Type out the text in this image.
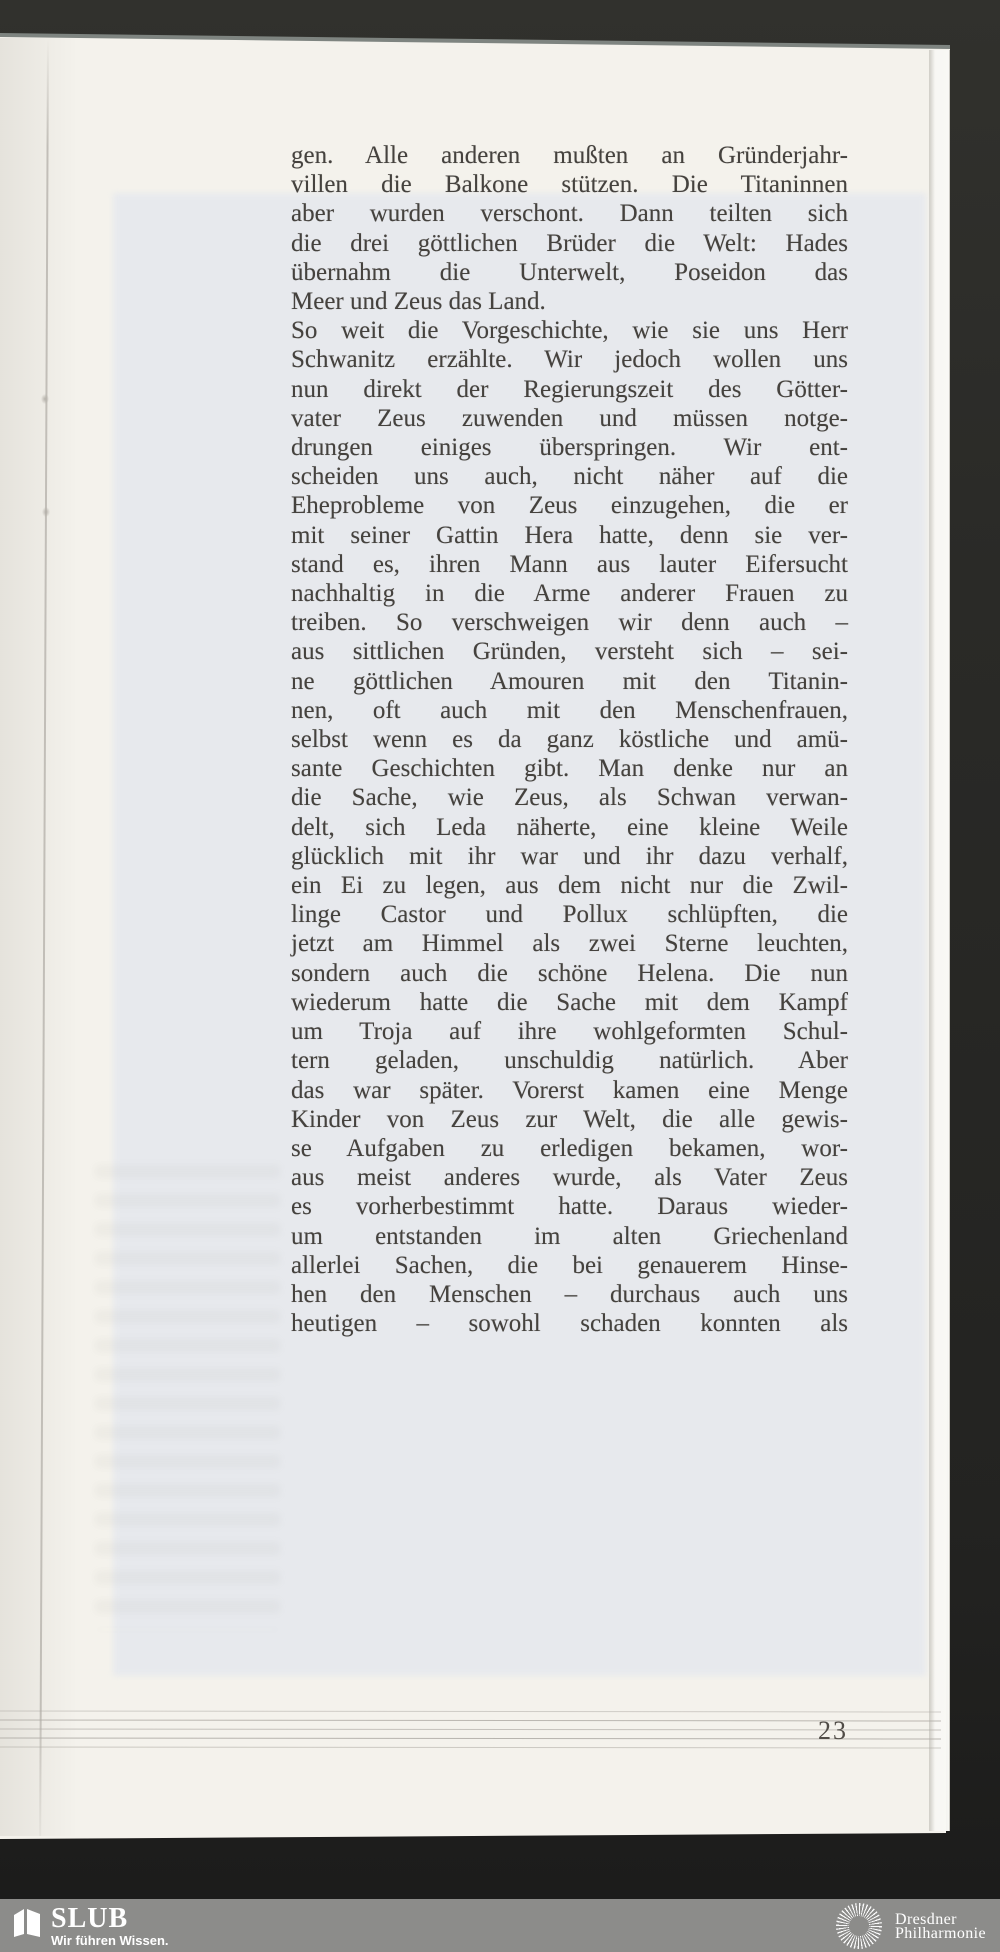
gen. Alle anderen mußten an Gründerjahr-
villen die Balkone stützen. Die Titaninnen
aber wurden verschont. Dann teilten sich
die drei göttlichen Brüder die Welt: Hades
übernahm die Unterwelt, Poseidon das
Meer und Zeus das Land.
So weit die Vorgeschichte, wie sie uns Herr
Schwanitz erzählte. Wir jedoch wollen uns
nun direkt der Regierungszeit des Götter-
vater Zeus zuwenden und müssen notge-
drungen einiges überspringen. Wir ent-
scheiden uns auch, nicht näher auf die
Eheprobleme von Zeus einzugehen, die er
mit seiner Gattin Hera hatte, denn sie ver-
stand es, ihren Mann aus lauter Eifersucht
nachhaltig in die Arme anderer Frauen zu
treiben. So verschweigen wir denn auch –
aus sittlichen Gründen, versteht sich – sei-
ne göttlichen Amouren mit den Titanin-
nen, oft auch mit den Menschenfrauen,
selbst wenn es da ganz köstliche und amü-
sante Geschichten gibt. Man denke nur an
die Sache, wie Zeus, als Schwan verwan-
delt, sich Leda näherte, eine kleine Weile
glücklich mit ihr war und ihr dazu verhalf,
ein Ei zu legen, aus dem nicht nur die Zwil-
linge Castor und Pollux schlüpften, die
jetzt am Himmel als zwei Sterne leuchten,
sondern auch die schöne Helena. Die nun
wiederum hatte die Sache mit dem Kampf
um Troja auf ihre wohlgeformten Schul-
tern geladen, unschuldig natürlich. Aber
das war später. Vorerst kamen eine Menge
Kinder von Zeus zur Welt, die alle gewis-
se Aufgaben zu erledigen bekamen, wor-
aus meist anderes wurde, als Vater Zeus
es vorherbestimmt hatte. Daraus wieder-
um entstanden im alten Griechenland
allerlei Sachen, die bei genauerem Hinse-
hen den Menschen – durchaus auch uns
heutigen – sowohl schaden konnten als
23
SLUB
Wir führen Wissen.
Dresdner
Philharmonie
